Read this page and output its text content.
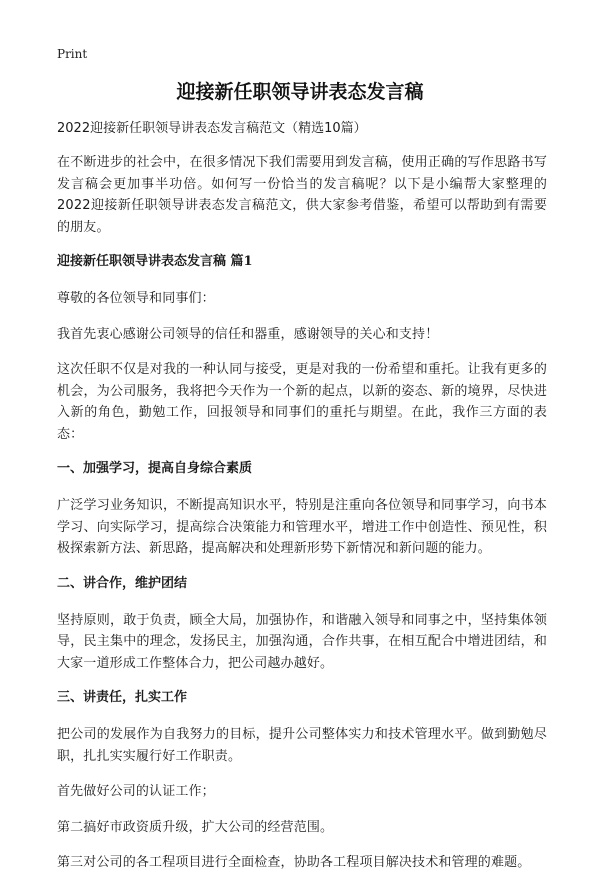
Print
迎接新任职领导讲表态发言稿
2022迎接新任职领导讲表态发言稿范文（精选10篇）

在不断进步的社会中，在很多情况下我们需要用到发言稿，使用正确的写作思路书写发言稿会更加事半功倍。如何写一份恰当的发言稿呢？以下是小编帮大家整理的2022迎接新任职领导讲表态发言稿范文，供大家参考借鉴，希望可以帮助到有需要的朋友。

迎接新任职领导讲表态发言稿 篇1

尊敬的各位领导和同事们：

我首先衷心感谢公司领导的信任和器重，感谢领导的关心和支持！

这次任职不仅是对我的一种认同与接受，更是对我的一份希望和重托。让我有更多的机会，为公司服务，我将把今天作为一个新的起点，以新的姿态、新的境界，尽快进入新的角色，勤勉工作，回报领导和同事们的重托与期望。在此，我作三方面的表态：

一、加强学习，提高自身综合素质

广泛学习业务知识，不断提高知识水平，特别是注重向各位领导和同事学习，向书本学习、向实际学习，提高综合决策能力和管理水平，增进工作中创造性、预见性，积极探索新方法、新思路，提高解决和处理新形势下新情况和新问题的能力。

二、讲合作，维护团结

坚持原则，敢于负责，顾全大局，加强协作，和谐融入领导和同事之中，坚持集体领导，民主集中的理念，发扬民主，加强沟通，合作共事，在相互配合中增进团结，和大家一道形成工作整体合力，把公司越办越好。

三、讲责任，扎实工作

把公司的发展作为自我努力的目标，提升公司整体实力和技术管理水平。做到勤勉尽职，扎扎实实履行好工作职责。

首先做好公司的认证工作；

第二搞好市政资质升级，扩大公司的经营范围。

第三对公司的各工程项目进行全面检查，协助各工程项目解决技术和管理的难题。
